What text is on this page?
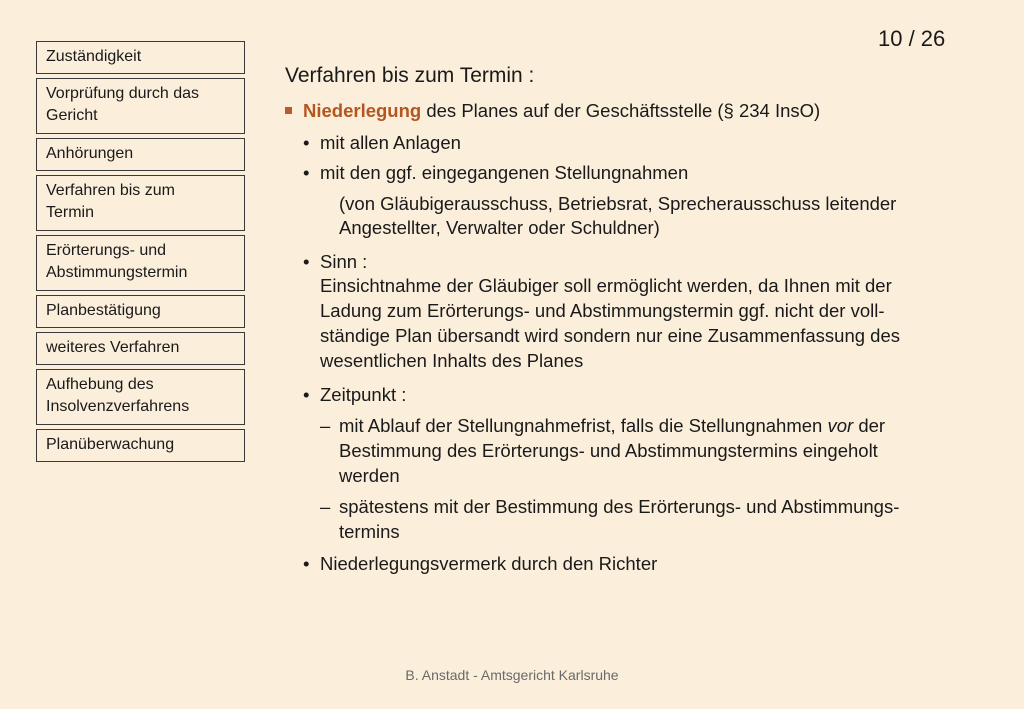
Zuständigkeit
Vorprüfung durch das
Gericht
Anhörungen
Verfahren bis zum
Termin
Erörterungs- und
Abstimmungstermin
Planbestätigung
weiteres Verfahren
Aufhebung des
Insolvenzverfahrens
Planüberwachung
10 / 26
Verfahren bis zum Termin :
Niederlegung des Planes auf der Geschäftsstelle (§ 234 InsO)
• mit allen Anlagen
• mit den ggf. eingegangenen Stellungnahmen
(von Gläubigerausschuss, Betriebsrat, Sprecherausschuss leitender
Angestellter, Verwalter oder Schuldner)
• Sinn :
Einsichtnahme der Gläubiger soll ermöglicht werden, da Ihnen mit der
Ladung zum Erörterungs- und Abstimmungstermin ggf. nicht der voll-
ständige Plan übersandt wird sondern nur eine Zusammenfassung des
wesentlichen Inhalts des Planes
• Zeitpunkt :
– mit Ablauf der Stellungnahmefrist, falls die Stellungnahmen vor der
Bestimmung des Erörterungs- und Abstimmungstermins eingeholt
werden
– spätestens mit der Bestimmung des Erörterungs- und Abstimmungs-
termins
• Niederlegungsvermerk durch den Richter
B. Anstadt - Amtsgericht Karlsruhe
